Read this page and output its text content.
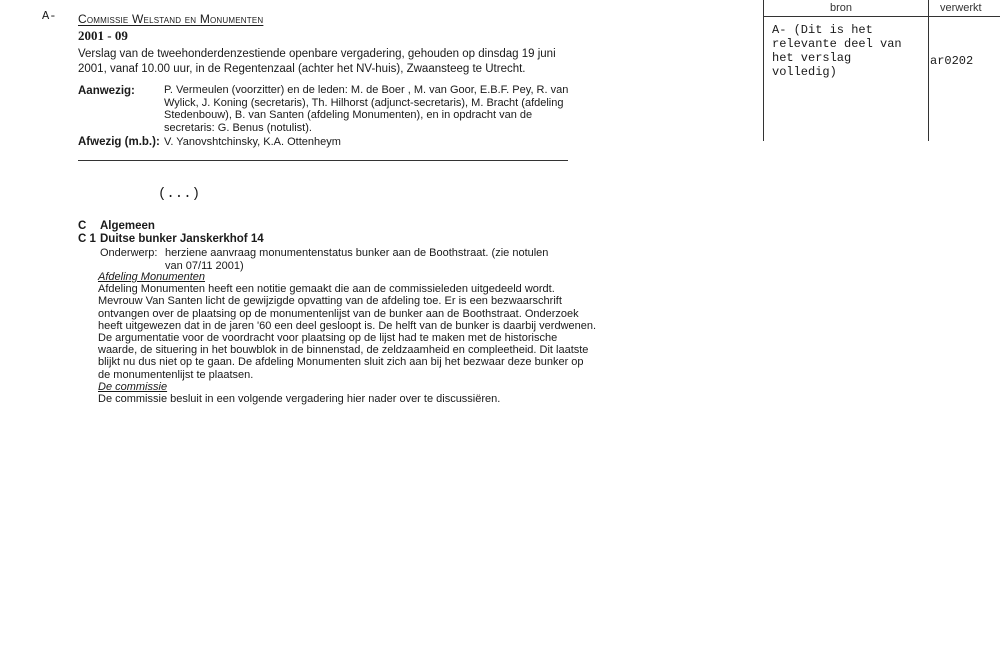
A- Commissie Welstand en Monumenten
2001 - 09
Verslag van de tweehonderdenzestiende openbare vergadering, gehouden op dinsdag 19 juni 2001, vanaf 10.00 uur, in de Regentenzaal (achter het NV-huis), Zwaansteeg te Utrecht.
Aanwezig:	P. Vermeulen (voorzitter) en de leden: M. de Boer , M. van Goor, E.B.F. Pey, R. van Wylick, J. Koning (secretaris), Th. Hilhorst (adjunct-secretaris), M. Bracht (afdeling Stedenbouw), B. van Santen (afdeling Monumenten), en in opdracht van de secretaris: G. Benus (notulist).
Afwezig (m.b.): V. Yanovshtchinsky, K.A. Ottenheym
(...)
C Algemeen
C 1 Duitse bunker Janskerkhof 14
Onderwerp: herziene aanvraag monumentenstatus bunker aan de Boothstraat. (zie notulen van 07/11 2001)

Afdeling Monumenten

Afdeling Monumenten heeft een notitie gemaakt die aan de commissieleden uitgedeeld wordt. Mevrouw Van Santen licht de gewijzigde opvatting van de afdeling toe. Er is een bezwaarschrift ontvangen over de plaatsing op de monumentenlijst van de bunker aan de Boothstraat. Onderzoek heeft uitgewezen dat in de jaren '60 een deel gesloopt is. De helft van de bunker is daarbij verdwenen.

De argumentatie voor de voordracht voor plaatsing op de lijst had te maken met de historische waarde, de situering in het bouwblok in de binnenstad, de zeldzaamheid en compleetheid. Dit laatste blijkt nu dus niet op te gaan. De afdeling Monumenten sluit zich aan bij het bezwaar deze bunker op de monumentenlijst te plaatsen.

De commissie

De commissie besluit in een volgende vergadering hier nader over te discussiëren.

bron	verwerkt
A- (Dit is het relevante deel van het verslag volledig)
ar0202
